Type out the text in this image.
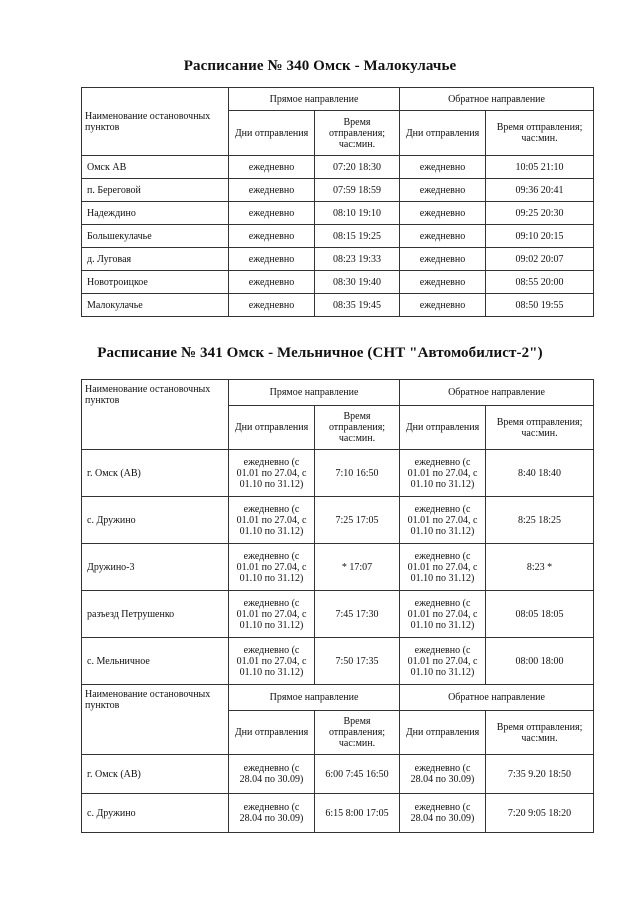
Расписание № 340 Омск - Малокулачье
Наименование остановочных пунктов	Прямое направление		Обратное направление	
	Дни отправления	Время отправления; час:мин.	Дни отправления	Время отправления; час:мин.
Омск АВ	ежедневно	07:20 18:30	ежедневно	10:05 21:10
п. Береговой	ежедневно	07:59 18:59	ежедневно	09:36 20:41
Надеждино	ежедневно	08:10 19:10	ежедневно	09:25 20:30
Большекулачье	ежедневно	08:15 19:25	ежедневно	09:10 20:15
д. Луговая	ежедневно	08:23 19:33	ежедневно	09:02 20:07
Новотроицкое	ежедневно	08:30 19:40	ежедневно	08:55 20:00
Малокулачье	ежедневно	08:35 19:45	ежедневно	08:50 19:55
Расписание № 341 Омск - Мельничное (СНТ "Автомобилист-2")
Наименование остановочных пунктов	Прямое направление		Обратное направление	
	Дни отправления	Время отправления; час:мин.	Дни отправления	Время отправления; час:мин.
г. Омск (АВ)	ежедневно (с 01.01 по 27.04, с 01.10 по 31.12)	7:10 16:50	ежедневно (с 01.01 по 27.04, с 01.10 по 31.12)	8:40 18:40
с. Дружино	ежедневно (с 01.01 по 27.04, с 01.10 по 31.12)	7:25 17:05	ежедневно (с 01.01 по 27.04, с 01.10 по 31.12)	8:25 18:25
Дружино-3	ежедневно (с 01.01 по 27.04, с 01.10 по 31.12)	* 17:07	ежедневно (с 01.01 по 27.04, с 01.10 по 31.12)	8:23 *
разъезд Петрушенко	ежедневно (с 01.01 по 27.04, с 01.10 по 31.12)	7:45 17:30	ежедневно (с 01.01 по 27.04, с 01.10 по 31.12)	08:05 18:05
с. Мельничное	ежедневно (с 01.01 по 27.04, с 01.10 по 31.12)	7:50 17:35	ежедневно (с 01.01 по 27.04, с 01.10 по 31.12)	08:00 18:00
Наименование остановочных пунктов	Прямое направление		Обратное направление	
	Дни отправления	Время отправления; час:мин.	Дни отправления	Время отправления; час:мин.
г. Омск (АВ)	ежедневно (с 28.04 по 30.09)	6:00 7:45 16:50	ежедневно (с 28.04 по 30.09)	7:35 9.20 18:50
с. Дружино	ежедневно (с 28.04 по 30.09)	6:15 8:00 17:05	ежедневно (с 28.04 по 30.09)	7:20 9:05 18:20
